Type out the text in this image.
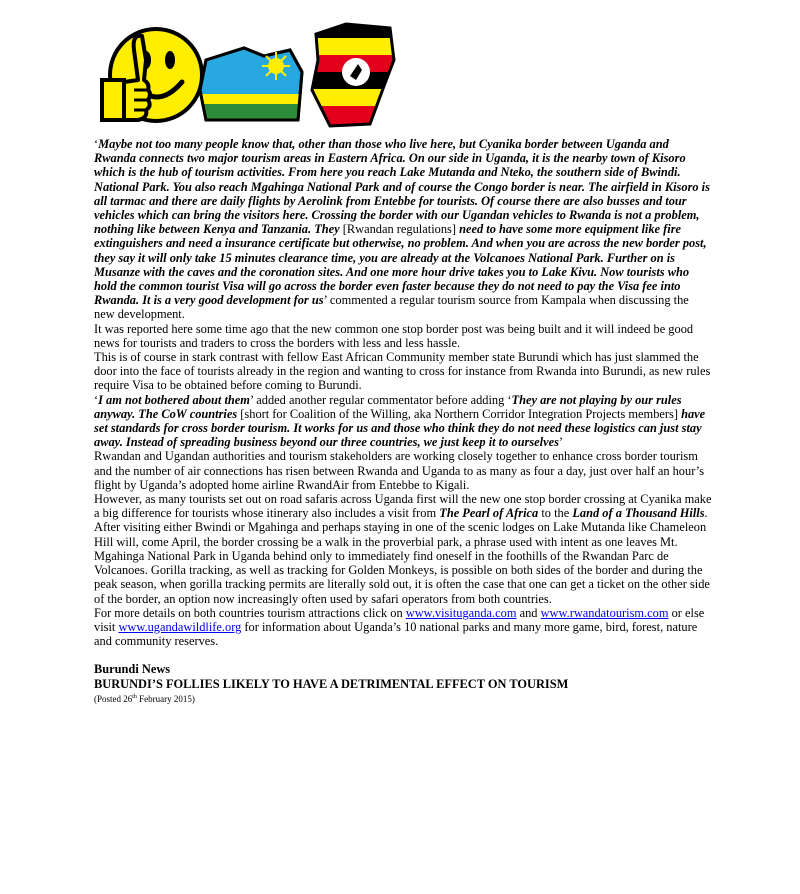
‘Maybe not too many people know that, other than those who live here, but Cyanika border between Uganda and Rwanda connects two major tourism areas in Eastern Africa. On our side in Uganda, it is the nearby town of Kisoro which is the hub of tourism activities. From here you reach Lake Mutanda and Nteko, the southern side of Bwindi. National Park. You also reach Mgahinga National Park and of course the Congo border is near. The airfield in Kisoro is all tarmac and there are daily flights by Aerolink from Entebbe for tourists. Of course there are also busses and tour vehicles which can bring the visitors here. Crossing the border with our Ugandan vehicles to Rwanda is not a problem, nothing like between Kenya and Tanzania. They [Rwandan regulations] need to have some more equipment like fire extinguishers and need a insurance certificate but otherwise, no problem. And when you are across the new border post, they say it will only take 15 minutes clearance time, you are already at the Volcanoes National Park. Further on is Musanze with the caves and the coronation sites. And one more hour drive takes you to Lake Kivu. Now tourists who hold the common tourist Visa will go across the border even faster because they do not need to pay the Visa fee into Rwanda. It is a very good development for us’ commented a regular tourism source from Kampala when discussing the new development.

It was reported here some time ago that the new common one stop border post was being built and it will indeed be good news for tourists and traders to cross the borders with less and less hassle.

This is of course in stark contrast with fellow East African Community member state Burundi which has just slammed the door into the face of tourists already in the region and wanting to cross for instance from Rwanda into Burundi, as new rules require Visa to be obtained before coming to Burundi.

‘I am not bothered about them’ added another regular commentator before adding ‘They are not playing by our rules anyway. The CoW countries [short for Coalition of the Willing, aka Northern Corridor Integration Projects members] have set standards for cross border tourism. It works for us and those who think they do not need these logistics can just stay away. Instead of spreading business beyond our three countries, we just keep it to ourselves’

Rwandan and Ugandan authorities and tourism stakeholders are working closely together to enhance cross border tourism and the number of air connections has risen between Rwanda and Uganda to as many as four a day, just over half an hour’s flight by Uganda’s adopted home airline RwandAir from Entebbe to Kigali.

However, as many tourists set out on road safaris across Uganda first will the new one stop border crossing at Cyanika make a big difference for tourists whose itinerary also includes a visit from The Pearl of Africa to the Land of a Thousand Hills. After visiting either Bwindi or Mgahinga and perhaps staying in one of the scenic lodges on Lake Mutanda like Chameleon Hill will, come April, the border crossing be a walk in the proverbial park, a phrase used with intent as one leaves Mt. Mgahinga National Park in Uganda behind only to immediately find oneself in the foothills of the Rwandan Parc de Volcanoes. Gorilla tracking, as well as tracking for Golden Monkeys, is possible on both sides of the border and during the peak season, when gorilla tracking permits are literally sold out, it is often the case that one can get a ticket on the other side of the border, an option now increasingly often used by safari operators from both countries.

For more details on both countries tourism attractions click on www.visituganda.com and www.rwandatourism.com or else visit www.ugandawildlife.org for information about Uganda’s 10 national parks and many more game, bird, forest, nature and community reserves.

Burundi News

BURUNDI’S FOLLIES LIKELY TO HAVE A DETRIMENTAL EFFECT ON TOURISM

(Posted 26th February 2015)
